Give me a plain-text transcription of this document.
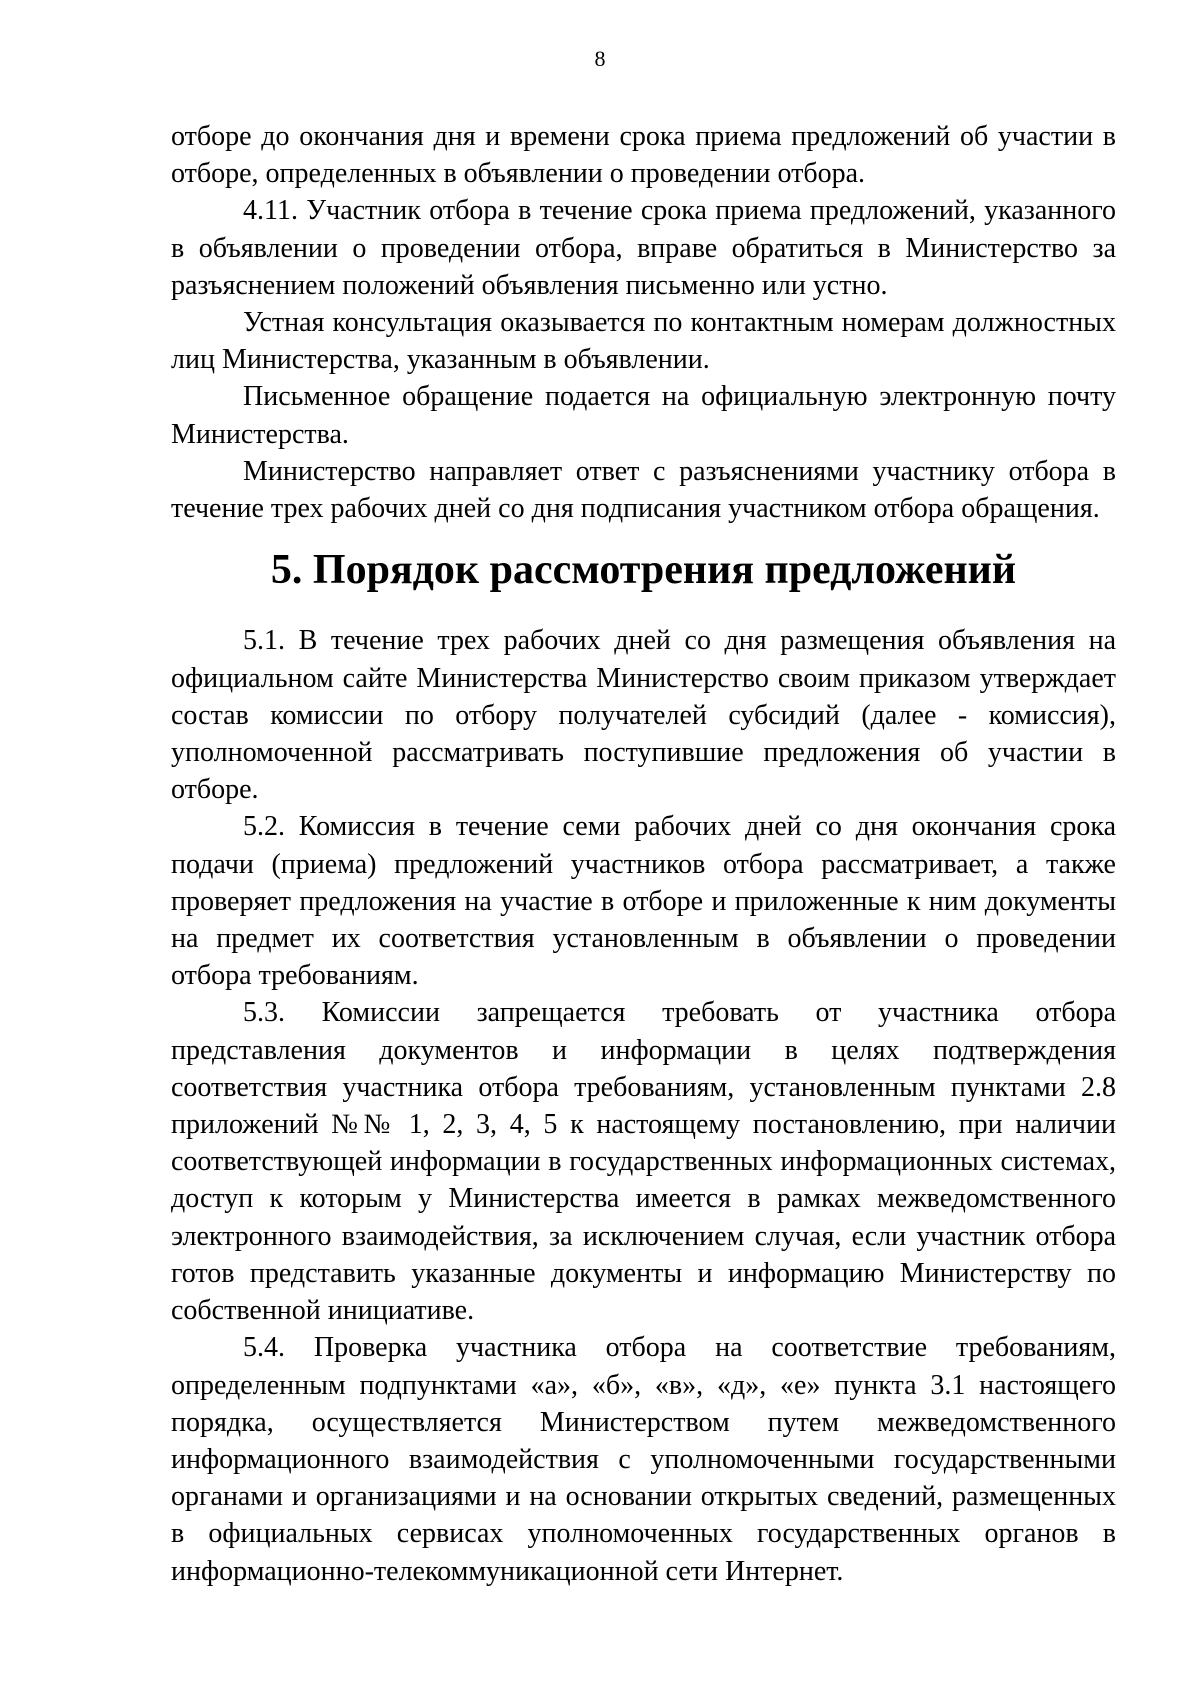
8

отборе до окончания дня и времени срока приема предложений об участии в отборе, определенных в объявлении о проведении отбора.

4.11. Участник отбора в течение срока приема предложений, указанного в объявлении о проведении отбора, вправе обратиться в Министерство за разъяснением положений объявления письменно или устно.

Устная консультация оказывается по контактным номерам должностных лиц Министерства, указанным в объявлении.

Письменное обращение подается на официальную электронную почту Министерства.

Министерство направляет ответ с разъяснениями участнику отбора в течение трех рабочих дней со дня подписания участником отбора обращения.

5. Порядок рассмотрения предложений

5.1. В течение трех рабочих дней со дня размещения объявления на официальном сайте Министерства Министерство своим приказом утверждает состав комиссии по отбору получателей субсидий (далее - комиссия), уполномоченной рассматривать поступившие предложения об участии в отборе.

5.2. Комиссия в течение семи рабочих дней со дня окончания срока подачи (приема) предложений участников отбора рассматривает, а также проверяет предложения на участие в отборе и приложенные к ним документы на предмет их соответствия установленным в объявлении о проведении отбора требованиям.

5.3. Комиссии запрещается требовать от участника отбора представления документов и информации в целях подтверждения соответствия участника отбора требованиям, установленным пунктами 2.8 приложений №№ 1, 2, 3, 4, 5 к настоящему постановлению, при наличии соответствующей информации в государственных информационных системах, доступ к которым у Министерства имеется в рамках межведомственного электронного взаимодействия, за исключением случая, если участник отбора готов представить указанные документы и информацию Министерству по собственной инициативе.

5.4. Проверка участника отбора на соответствие требованиям, определенным подпунктами «а», «б», «в», «д», «е» пункта 3.1 настоящего порядка, осуществляется Министерством путем межведомственного информационного взаимодействия с уполномоченными государственными органами и организациями и на основании открытых сведений, размещенных в официальных сервисах уполномоченных государственных органов в информационно-телекоммуникационной сети Интернет.
